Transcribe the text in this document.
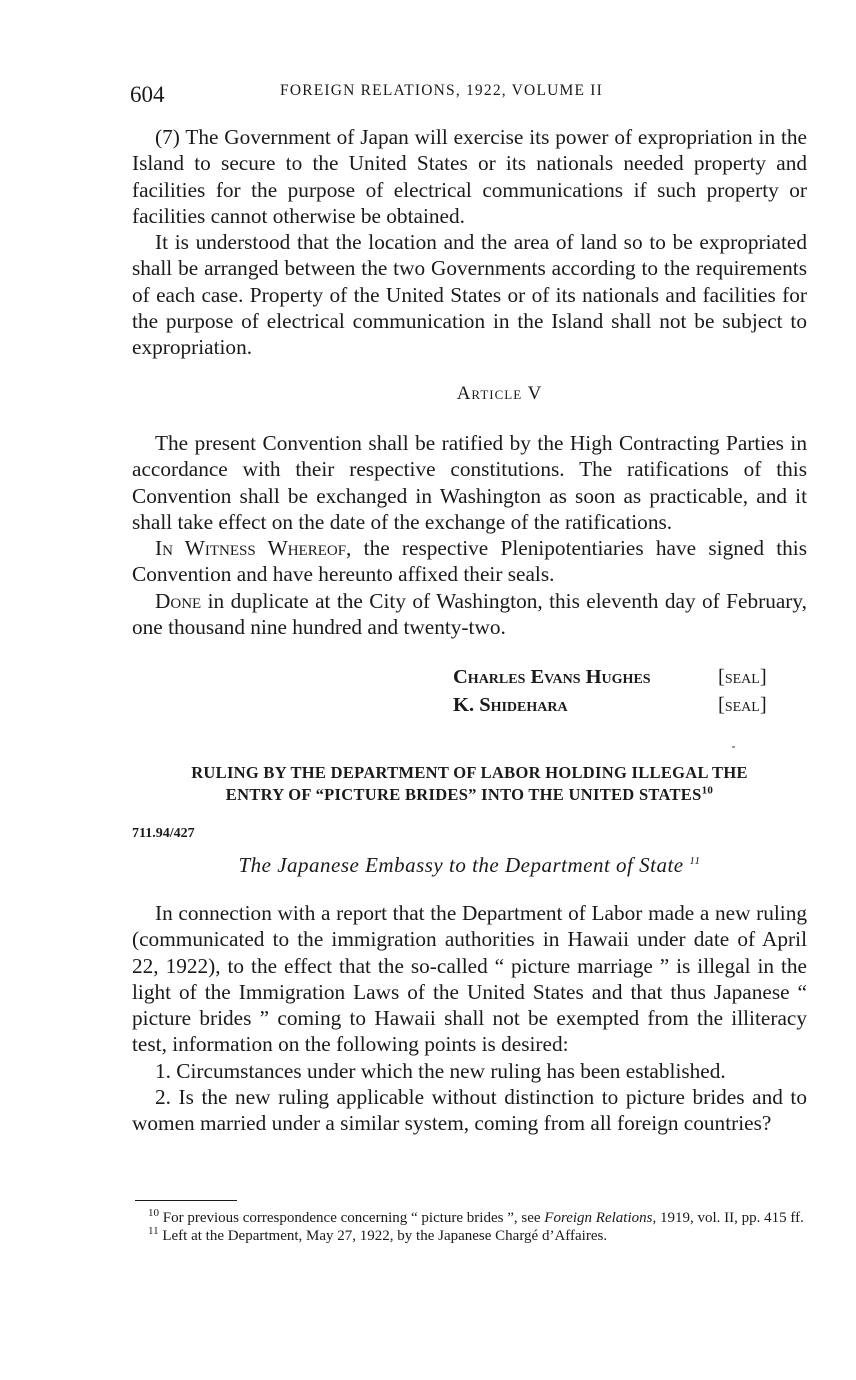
604	FOREIGN RELATIONS, 1922, VOLUME II

(7) The Government of Japan will exercise its power of expropriation in the Island to secure to the United States or its nationals needed property and facilities for the purpose of electrical communications if such property or facilities cannot otherwise be obtained.

It is understood that the location and the area of land so to be expropriated shall be arranged between the two Governments according to the requirements of each case. Property of the United States or of its nationals and facilities for the purpose of electrical communication in the Island shall not be subject to expropriation.

Article V

The present Convention shall be ratified by the High Contracting Parties in accordance with their respective constitutions. The ratifications of this Convention shall be exchanged in Washington as soon as practicable, and it shall take effect on the date of the exchange of the ratifications.

In Witness Whereof, the respective Plenipotentiaries have signed this Convention and have hereunto affixed their seals.

Done in duplicate at the City of Washington, this eleventh day of February, one thousand nine hundred and twenty-two.

Charles Evans Hughes	[seal]
K. Shidehara	[seal]
RULING BY THE DEPARTMENT OF LABOR HOLDING ILLEGAL THE
ENTRY OF “PICTURE BRIDES” INTO THE UNITED STATES$^{10}$
711.94/427
The Japanese Embassy to the Department of State $^{11}$

In connection with a report that the Department of Labor made a new ruling (communicated to the immigration authorities in Hawaii under date of April 22, 1922), to the effect that the so-called “ picture marriage ” is illegal in the light of the Immigration Laws of the United States and that thus Japanese “ picture brides ” coming to Hawaii shall not be exempted from the illiteracy test, information on the following points is desired:

1. Circumstances under which the new ruling has been established.

2. Is the new ruling applicable without distinction to picture brides and to women married under a similar system, coming from all foreign countries?

$^{10}$ For previous correspondence concerning “ picture brides ”, see Foreign Relations, 1919, vol. II, pp. 415 ff.

$^{11}$ Left at the Department, May 27, 1922, by the Japanese Chargé d’Affaires.
